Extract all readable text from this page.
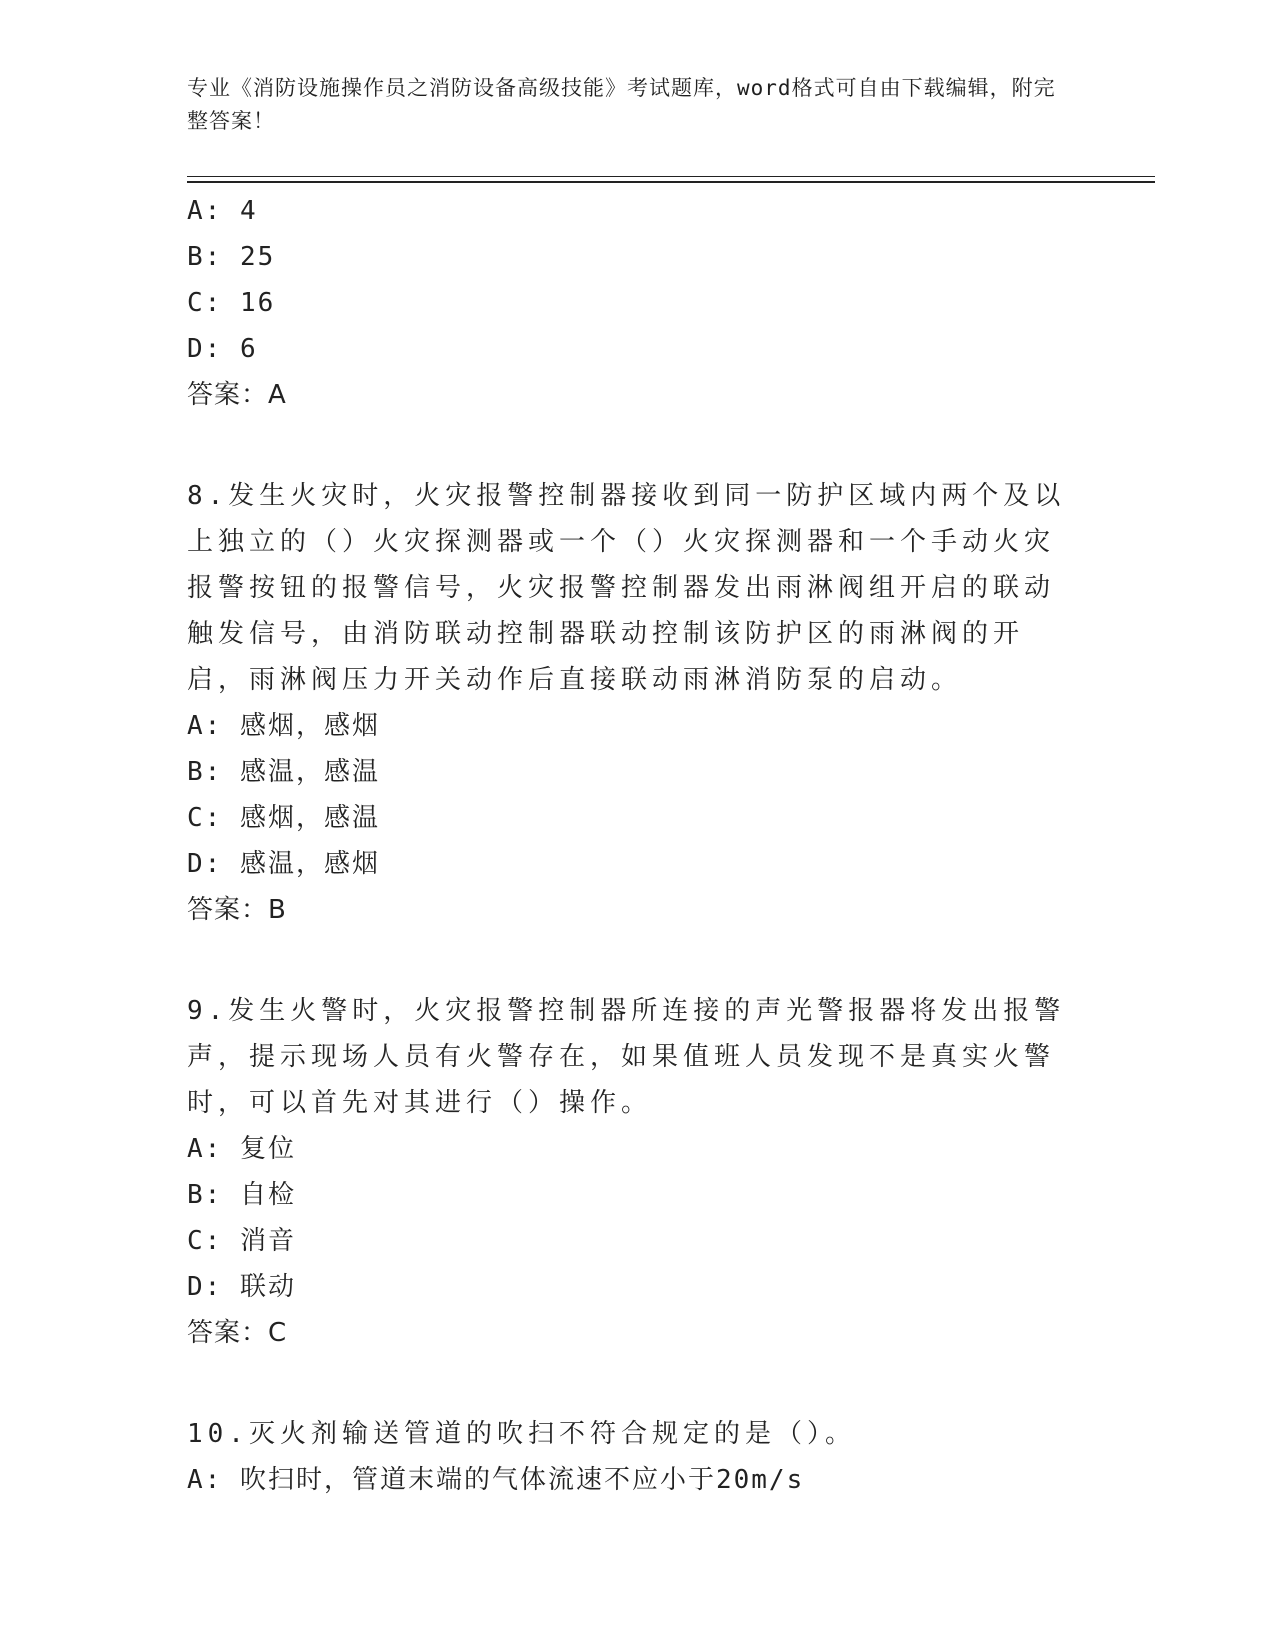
专业《消防设施操作员之消防设备高级技能》考试题库，word格式可自由下载编辑，附完整答案！
A: 4
B: 25
C: 16
D: 6
答案：A
8.发生火灾时，火灾报警控制器接收到同一防护区域内两个及以上独立的（）火灾探测器或一个（）火灾探测器和一个手动火灾报警按钮的报警信号，火灾报警控制器发出雨淋阀组开启的联动触发信号，由消防联动控制器联动控制该防护区的雨淋阀的开启，雨淋阀压力开关动作后直接联动雨淋消防泵的启动。
A: 感烟，感烟
B: 感温，感温
C: 感烟，感温
D: 感温，感烟
答案：B
9.发生火警时，火灾报警控制器所连接的声光警报器将发出报警声，提示现场人员有火警存在，如果值班人员发现不是真实火警时，可以首先对其进行（）操作。
A: 复位
B: 自检
C: 消音
D: 联动
答案：C
10.灭火剂输送管道的吹扫不符合规定的是（）。
A: 吹扫时，管道末端的气体流速不应小于20m/s
